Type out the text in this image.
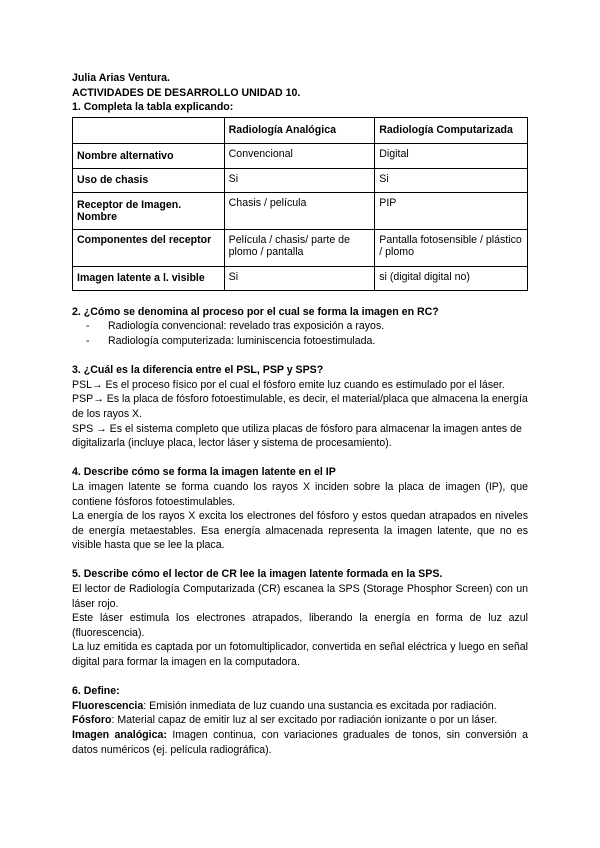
Julia Arias Ventura.

ACTIVIDADES DE DESARROLLO UNIDAD 10.

1. Completa la tabla explicando:

	Radiología Analógica	Radiología Computarizada
Nombre alternativo	Convencional	Digital
Uso de chasis	Si	Si
Receptor de Imagen. Nombre	Chasis / película	PIP
Componentes del receptor	Película / chasis/ parte de plomo / pantalla	Pantalla fotosensible / plástico / plomo
Imagen latente a l. visible	Si	si (digital digital no)

2. ¿Cómo se denomina al proceso por el cual se forma la imagen en RC?

- Radiología convencional: revelado tras exposición a rayos.
- Radiología computerizada: luminiscencia fotoestimulada.

3. ¿Cuál es la diferencia entre el PSL, PSP y SPS?

PSL→ Es el proceso físico por el cual el fósforo emite luz cuando es estimulado por el láser.

PSP→ Es la placa de fósforo fotoestimulable, es decir, el material/placa que almacena la energía de los rayos X.

SPS → Es el sistema completo que utiliza placas de fósforo para almacenar la imagen antes de digitalizarla (incluye placa, lector láser y sistema de procesamiento).

4. Describe cómo se forma la imagen latente en el IP

La imagen latente se forma cuando los rayos X inciden sobre la placa de imagen (IP), que contiene fósforos fotoestimulables.

La energía de los rayos X excita los electrones del fósforo y estos quedan atrapados en niveles de energía metaestables. Esa energía almacenada representa la imagen latente, que no es visible hasta que se lee la placa.

5. Describe cómo el lector de CR lee la imagen latente formada en la SPS.

El lector de Radiología Computarizada (CR) escanea la SPS (Storage Phosphor Screen) con un láser rojo.

Este láser estimula los electrones atrapados, liberando la energía en forma de luz azul (fluorescencia).

La luz emitida es captada por un fotomultiplicador, convertida en señal eléctrica y luego en señal digital para formar la imagen en la computadora.

6. Define:

Fluorescencia: Emisión inmediata de luz cuando una sustancia es excitada por radiación.

Fósforo: Material capaz de emitir luz al ser excitado por radiación ionizante o por un láser.

Imagen analógica: Imagen continua, con variaciones graduales de tonos, sin conversión a datos numéricos (ej. película radiográfica).
